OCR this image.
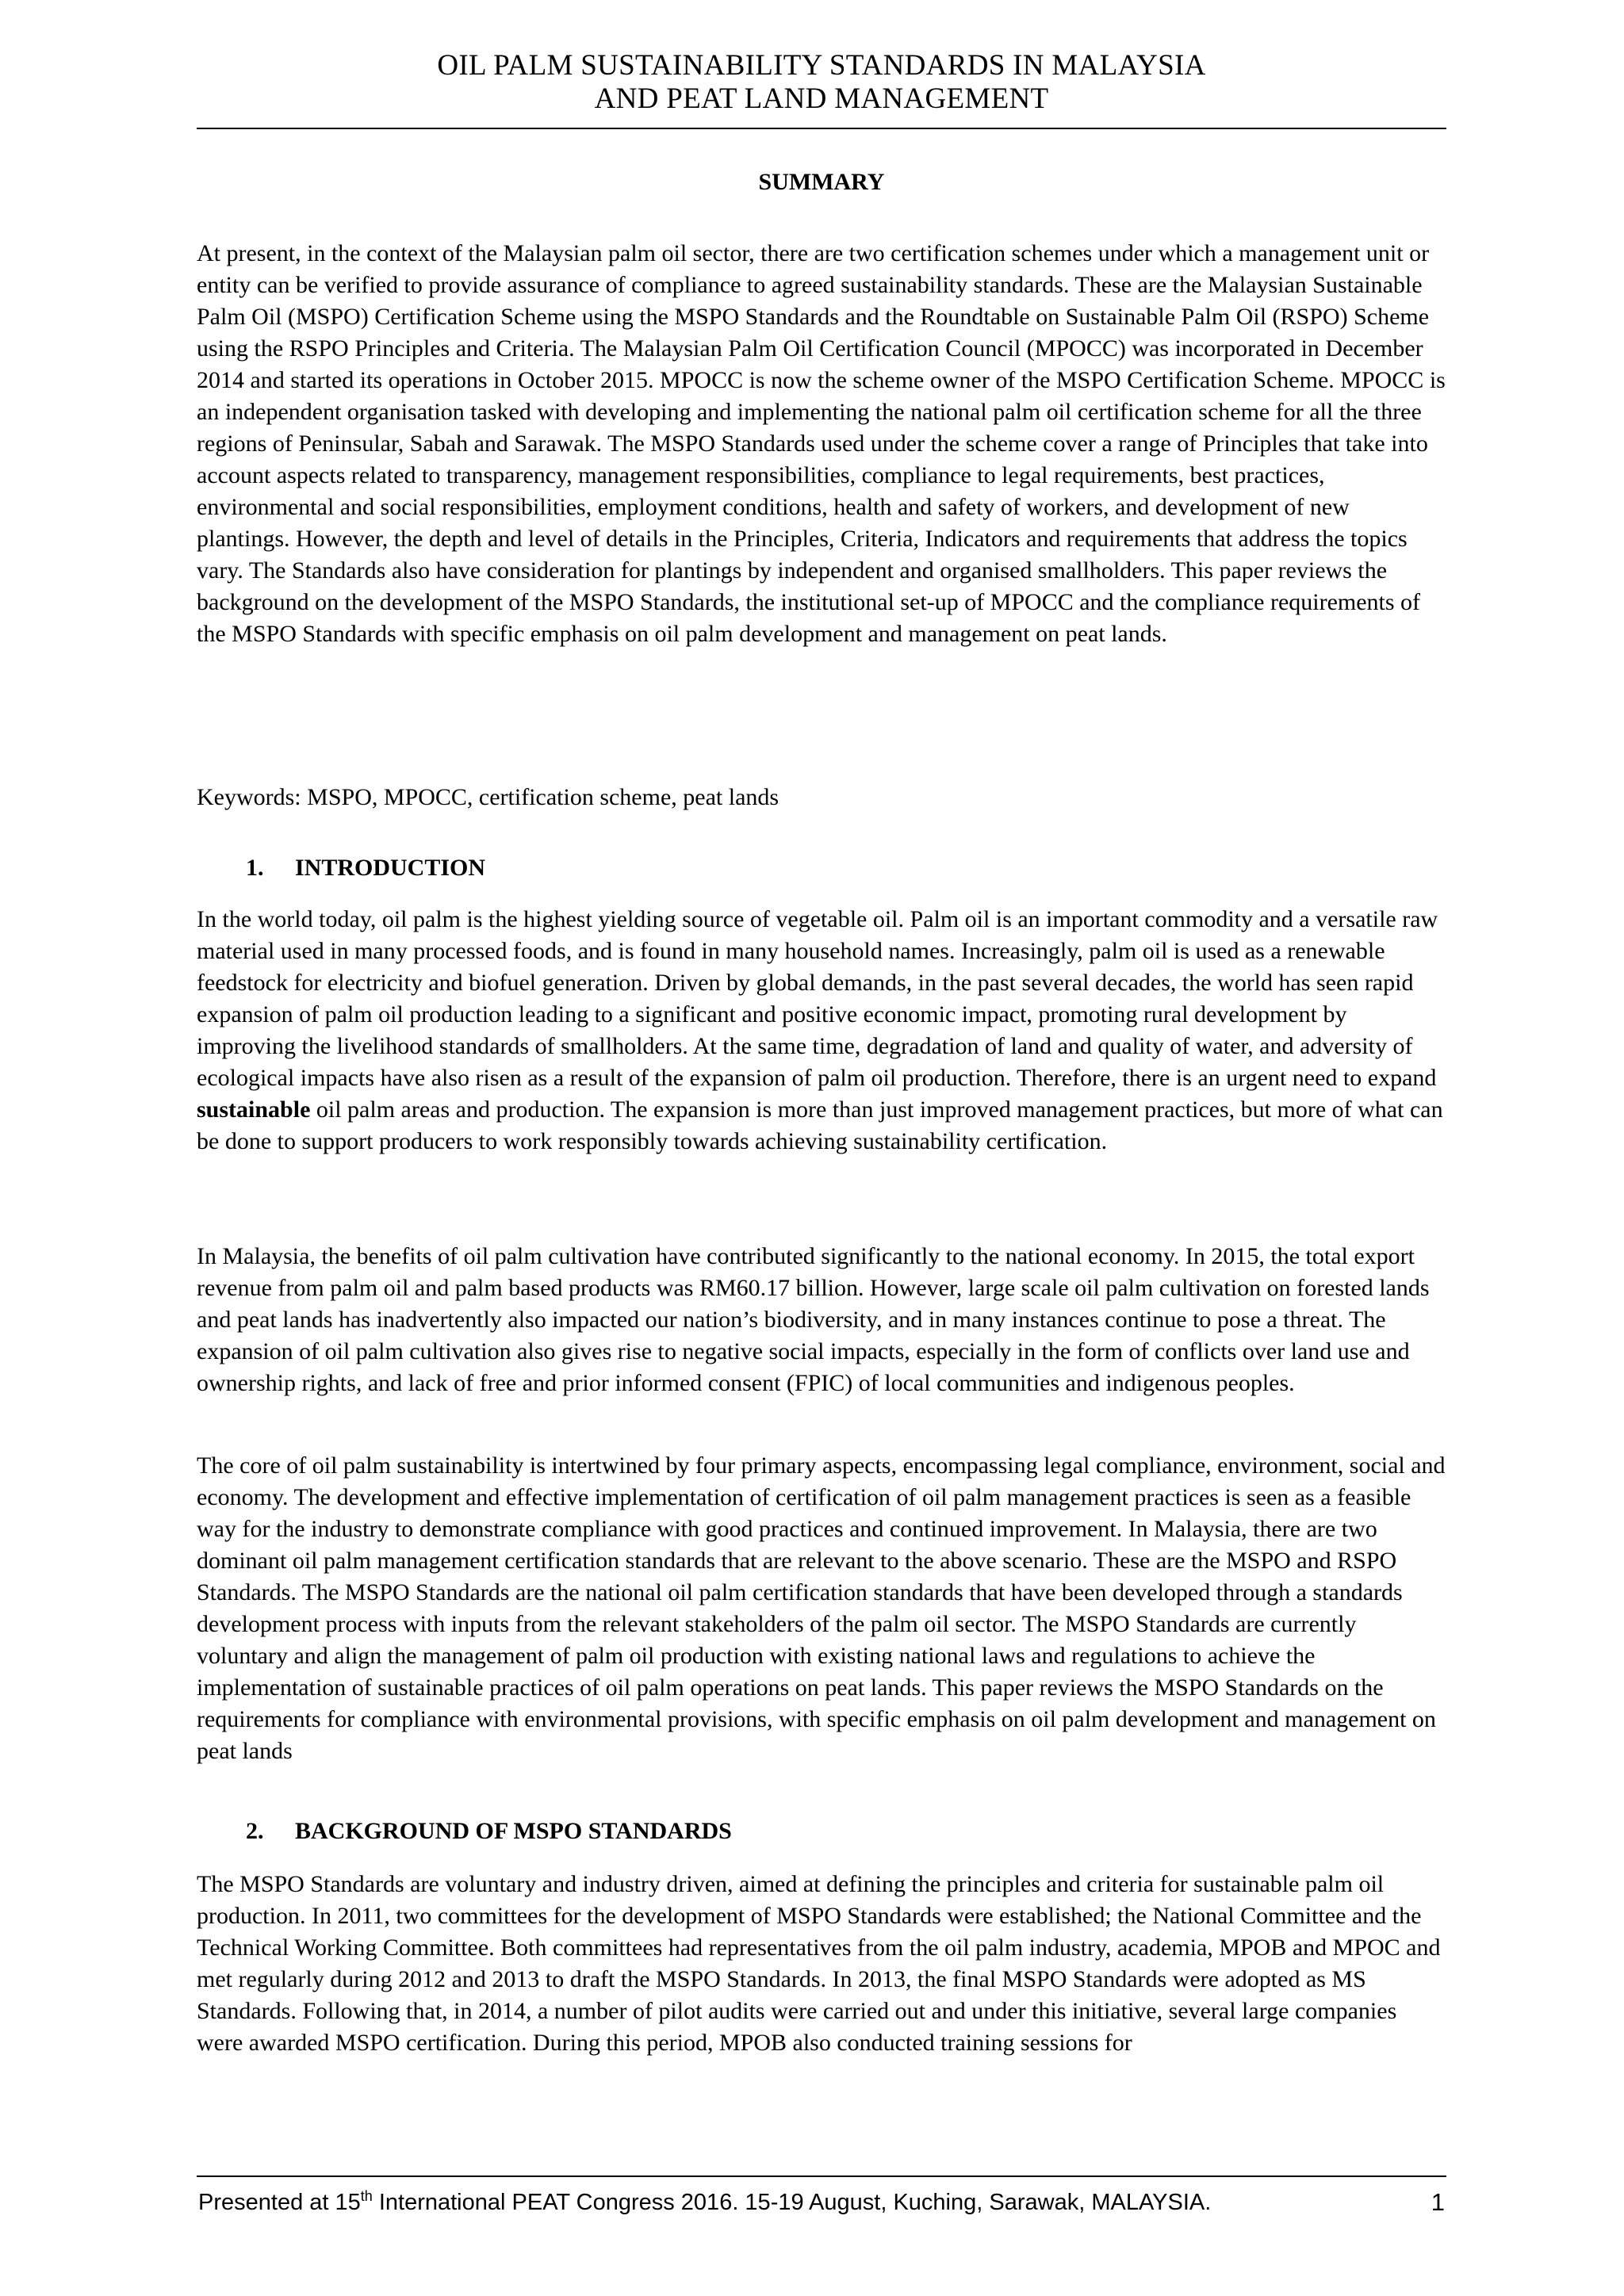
OIL PALM SUSTAINABILITY STANDARDS IN MALAYSIA
AND PEAT LAND MANAGEMENT
SUMMARY

At present, in the context of the Malaysian palm oil sector, there are two certification schemes under which a management unit or entity can be verified to provide assurance of compliance to agreed sustainability standards. These are the Malaysian Sustainable Palm Oil (MSPO) Certification Scheme using the MSPO Standards and the Roundtable on Sustainable Palm Oil (RSPO) Scheme using the RSPO Principles and Criteria. The Malaysian Palm Oil Certification Council (MPOCC) was incorporated in December 2014 and started its operations in October 2015. MPOCC is now the scheme owner of the MSPO Certification Scheme. MPOCC is an independent organisation tasked with developing and implementing the national palm oil certification scheme for all the three regions of Peninsular, Sabah and Sarawak. The MSPO Standards used under the scheme cover a range of Principles that take into account aspects related to transparency, management responsibilities, compliance to legal requirements, best practices, environmental and social responsibilities, employment conditions, health and safety of workers, and development of new plantings. However, the depth and level of details in the Principles, Criteria, Indicators and requirements that address the topics vary. The Standards also have consideration for plantings by independent and organised smallholders. This paper reviews the background on the development of the MSPO Standards, the institutional set-up of MPOCC and the compliance requirements of the MSPO Standards with specific emphasis on oil palm development and management on peat lands.

Keywords: MSPO, MPOCC, certification scheme, peat lands

1. INTRODUCTION

In the world today, oil palm is the highest yielding source of vegetable oil. Palm oil is an important commodity and a versatile raw material used in many processed foods, and is found in many household names. Increasingly, palm oil is used as a renewable feedstock for electricity and biofuel generation. Driven by global demands, in the past several decades, the world has seen rapid expansion of palm oil production leading to a significant and positive economic impact, promoting rural development by improving the livelihood standards of smallholders. At the same time, degradation of land and quality of water, and adversity of ecological impacts have also risen as a result of the expansion of palm oil production. Therefore, there is an urgent need to expand sustainable oil palm areas and production. The expansion is more than just improved management practices, but more of what can be done to support producers to work responsibly towards achieving sustainability certification.

In Malaysia, the benefits of oil palm cultivation have contributed significantly to the national economy. In 2015, the total export revenue from palm oil and palm based products was RM60.17 billion. However, large scale oil palm cultivation on forested lands and peat lands has inadvertently also impacted our nation’s biodiversity, and in many instances continue to pose a threat. The expansion of oil palm cultivation also gives rise to negative social impacts, especially in the form of conflicts over land use and ownership rights, and lack of free and prior informed consent (FPIC) of local communities and indigenous peoples.

The core of oil palm sustainability is intertwined by four primary aspects, encompassing legal compliance, environment, social and economy. The development and effective implementation of certification of oil palm management practices is seen as a feasible way for the industry to demonstrate compliance with good practices and continued improvement. In Malaysia, there are two dominant oil palm management certification standards that are relevant to the above scenario. These are the MSPO and RSPO Standards. The MSPO Standards are the national oil palm certification standards that have been developed through a standards development process with inputs from the relevant stakeholders of the palm oil sector. The MSPO Standards are currently voluntary and align the management of palm oil production with existing national laws and regulations to achieve the implementation of sustainable practices of oil palm operations on peat lands. This paper reviews the MSPO Standards on the requirements for compliance with environmental provisions, with specific emphasis on oil palm development and management on peat lands

2. BACKGROUND OF MSPO STANDARDS

The MSPO Standards are voluntary and industry driven, aimed at defining the principles and criteria for sustainable palm oil production. In 2011, two committees for the development of MSPO Standards were established; the National Committee and the Technical Working Committee. Both committees had representatives from the oil palm industry, academia, MPOB and MPOC and met regularly during 2012 and 2013 to draft the MSPO Standards. In 2013, the final MSPO Standards were adopted as MS Standards. Following that, in 2014, a number of pilot audits were carried out and under this initiative, several large companies were awarded MSPO certification. During this period, MPOB also conducted training sessions for

Presented at 15th International PEAT Congress 2016. 15-19 August, Kuching, Sarawak, MALAYSIA.	1
